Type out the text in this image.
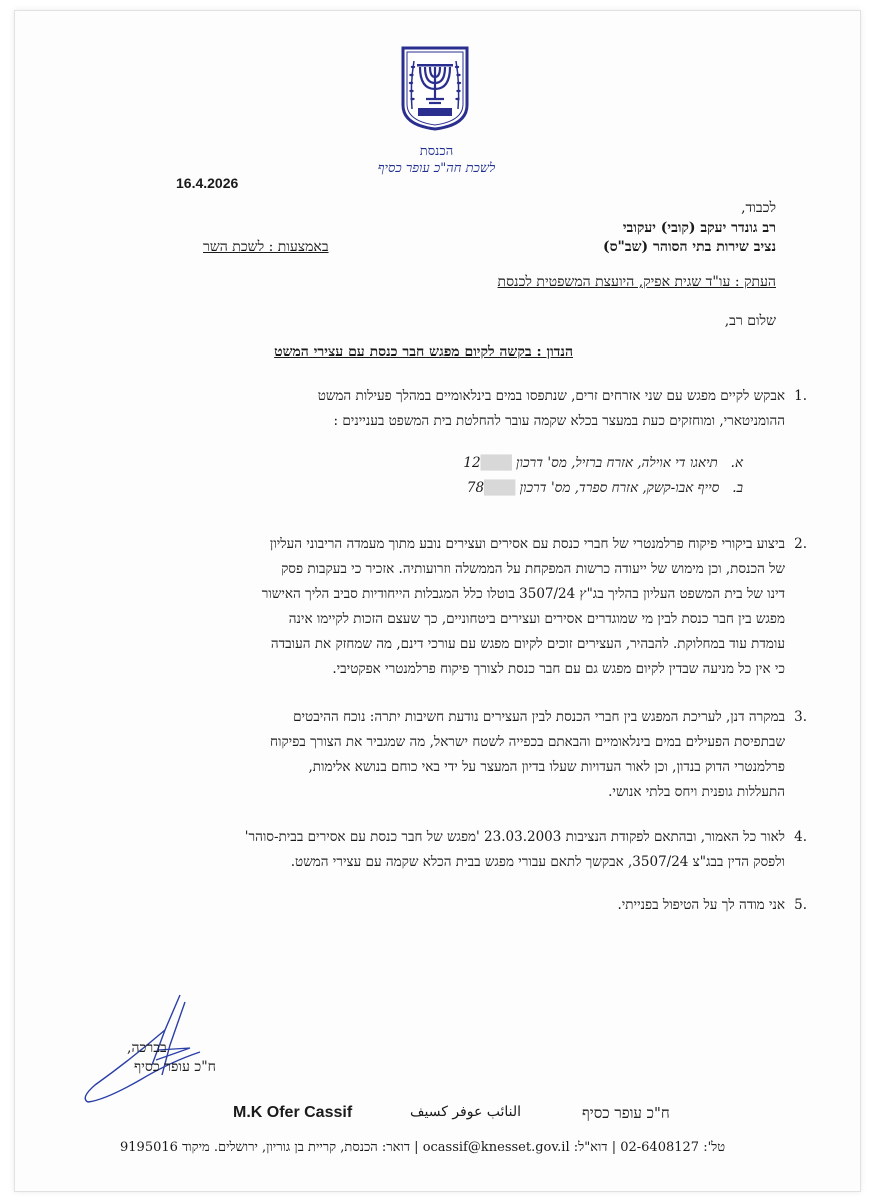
הכנסת
לשכת חה"כ עופר כסיף
16.4.2026
לכבוד,
רב גונדר יעקב (קובי) יעקובי
נציב שירות בתי הסוהר (שב"ס)
באמצעות : לשכת השר
העתק : עו"ד שגית אפיק, היועצת המשפטית לכנסת
שלום רב,
הנדון : בקשה לקיום מפגש חבר כנסת עם עצירי המשט
1.
אבקש לקיים מפגש עם שני אזרחים זרים, שנתפסו במים בינלאומיים במהלך פעילות המשט
ההומניטארי, ומוחזקים כעת במעצר בכלא שקמה עובר להחלטת בית המשפט בעניינים :
א.   תיאגו די אוילה, אזרח ברזיל, מס' דרכון ███12
ב.   סייף אבו-קשק, אזרח ספרד, מס' דרכון ███78
2.
ביצוע ביקורי פיקוח פרלמנטרי של חברי כנסת עם אסירים ועצירים נובע מתוך מעמדה הריבוני העליון
של הכנסת, וכן מימוש של ייעודה כרשות המפקחת על הממשלה וזרועותיה. אזכיר כי בעקבות פסק
דינו של בית המשפט העליון בהליך בג"ץ 3507/24 בוטלו כלל המגבלות הייחודיות סביב הליך האישור
מפגש בין חבר כנסת לבין מי שמוגדרים אסירים ועצירים ביטחוניים, כך שעצם הזכות לקיימו אינה
עומדת עוד במחלוקת. להבהיר, העצירים זוכים לקיום מפגש עם עורכי דינם, מה שמחזק את העובדה
כי אין כל מניעה שבדין לקיום מפגש גם עם חבר כנסת לצורך פיקוח פרלמנטרי אפקטיבי.
3.
במקרה דנן, לעריכת המפגש בין חברי הכנסת לבין העצירים נודעת חשיבות יתרה: נוכח ההיבטים
שבתפיסת הפעילים במים בינלאומיים והבאתם בכפייה לשטח ישראל, מה שמגביר את הצורך בפיקוח
פרלמנטרי הדוק בנדון, וכן לאור העדויות שעלו בדיון המעצר על ידי באי כוחם בנושא אלימות,
התעללות גופנית ויחס בלתי אנושי.
4.
לאור כל האמור, ובהתאם לפקודת הנציבות 23.03.2003 'מפגש של חבר כנסת עם אסירים בבית-סוהר'
ולפסק הדין בבג"צ 3507/24, אבקשך לתאם עבורי מפגש בבית הכלא שקמה עם עצירי המשט.
5.
אני מודה לך על הטיפול בפנייתי.
בברכה,
ח"כ עופר כסיף
M.K Ofer Cassif	النائب عوفر كسيف	ח"כ עופר כסיף
טל': 02-6408127 | דוא"ל: ocassif@knesset.gov.il | דואר: הכנסת, קריית בן גוריון, ירושלים. מיקוד 9195016
